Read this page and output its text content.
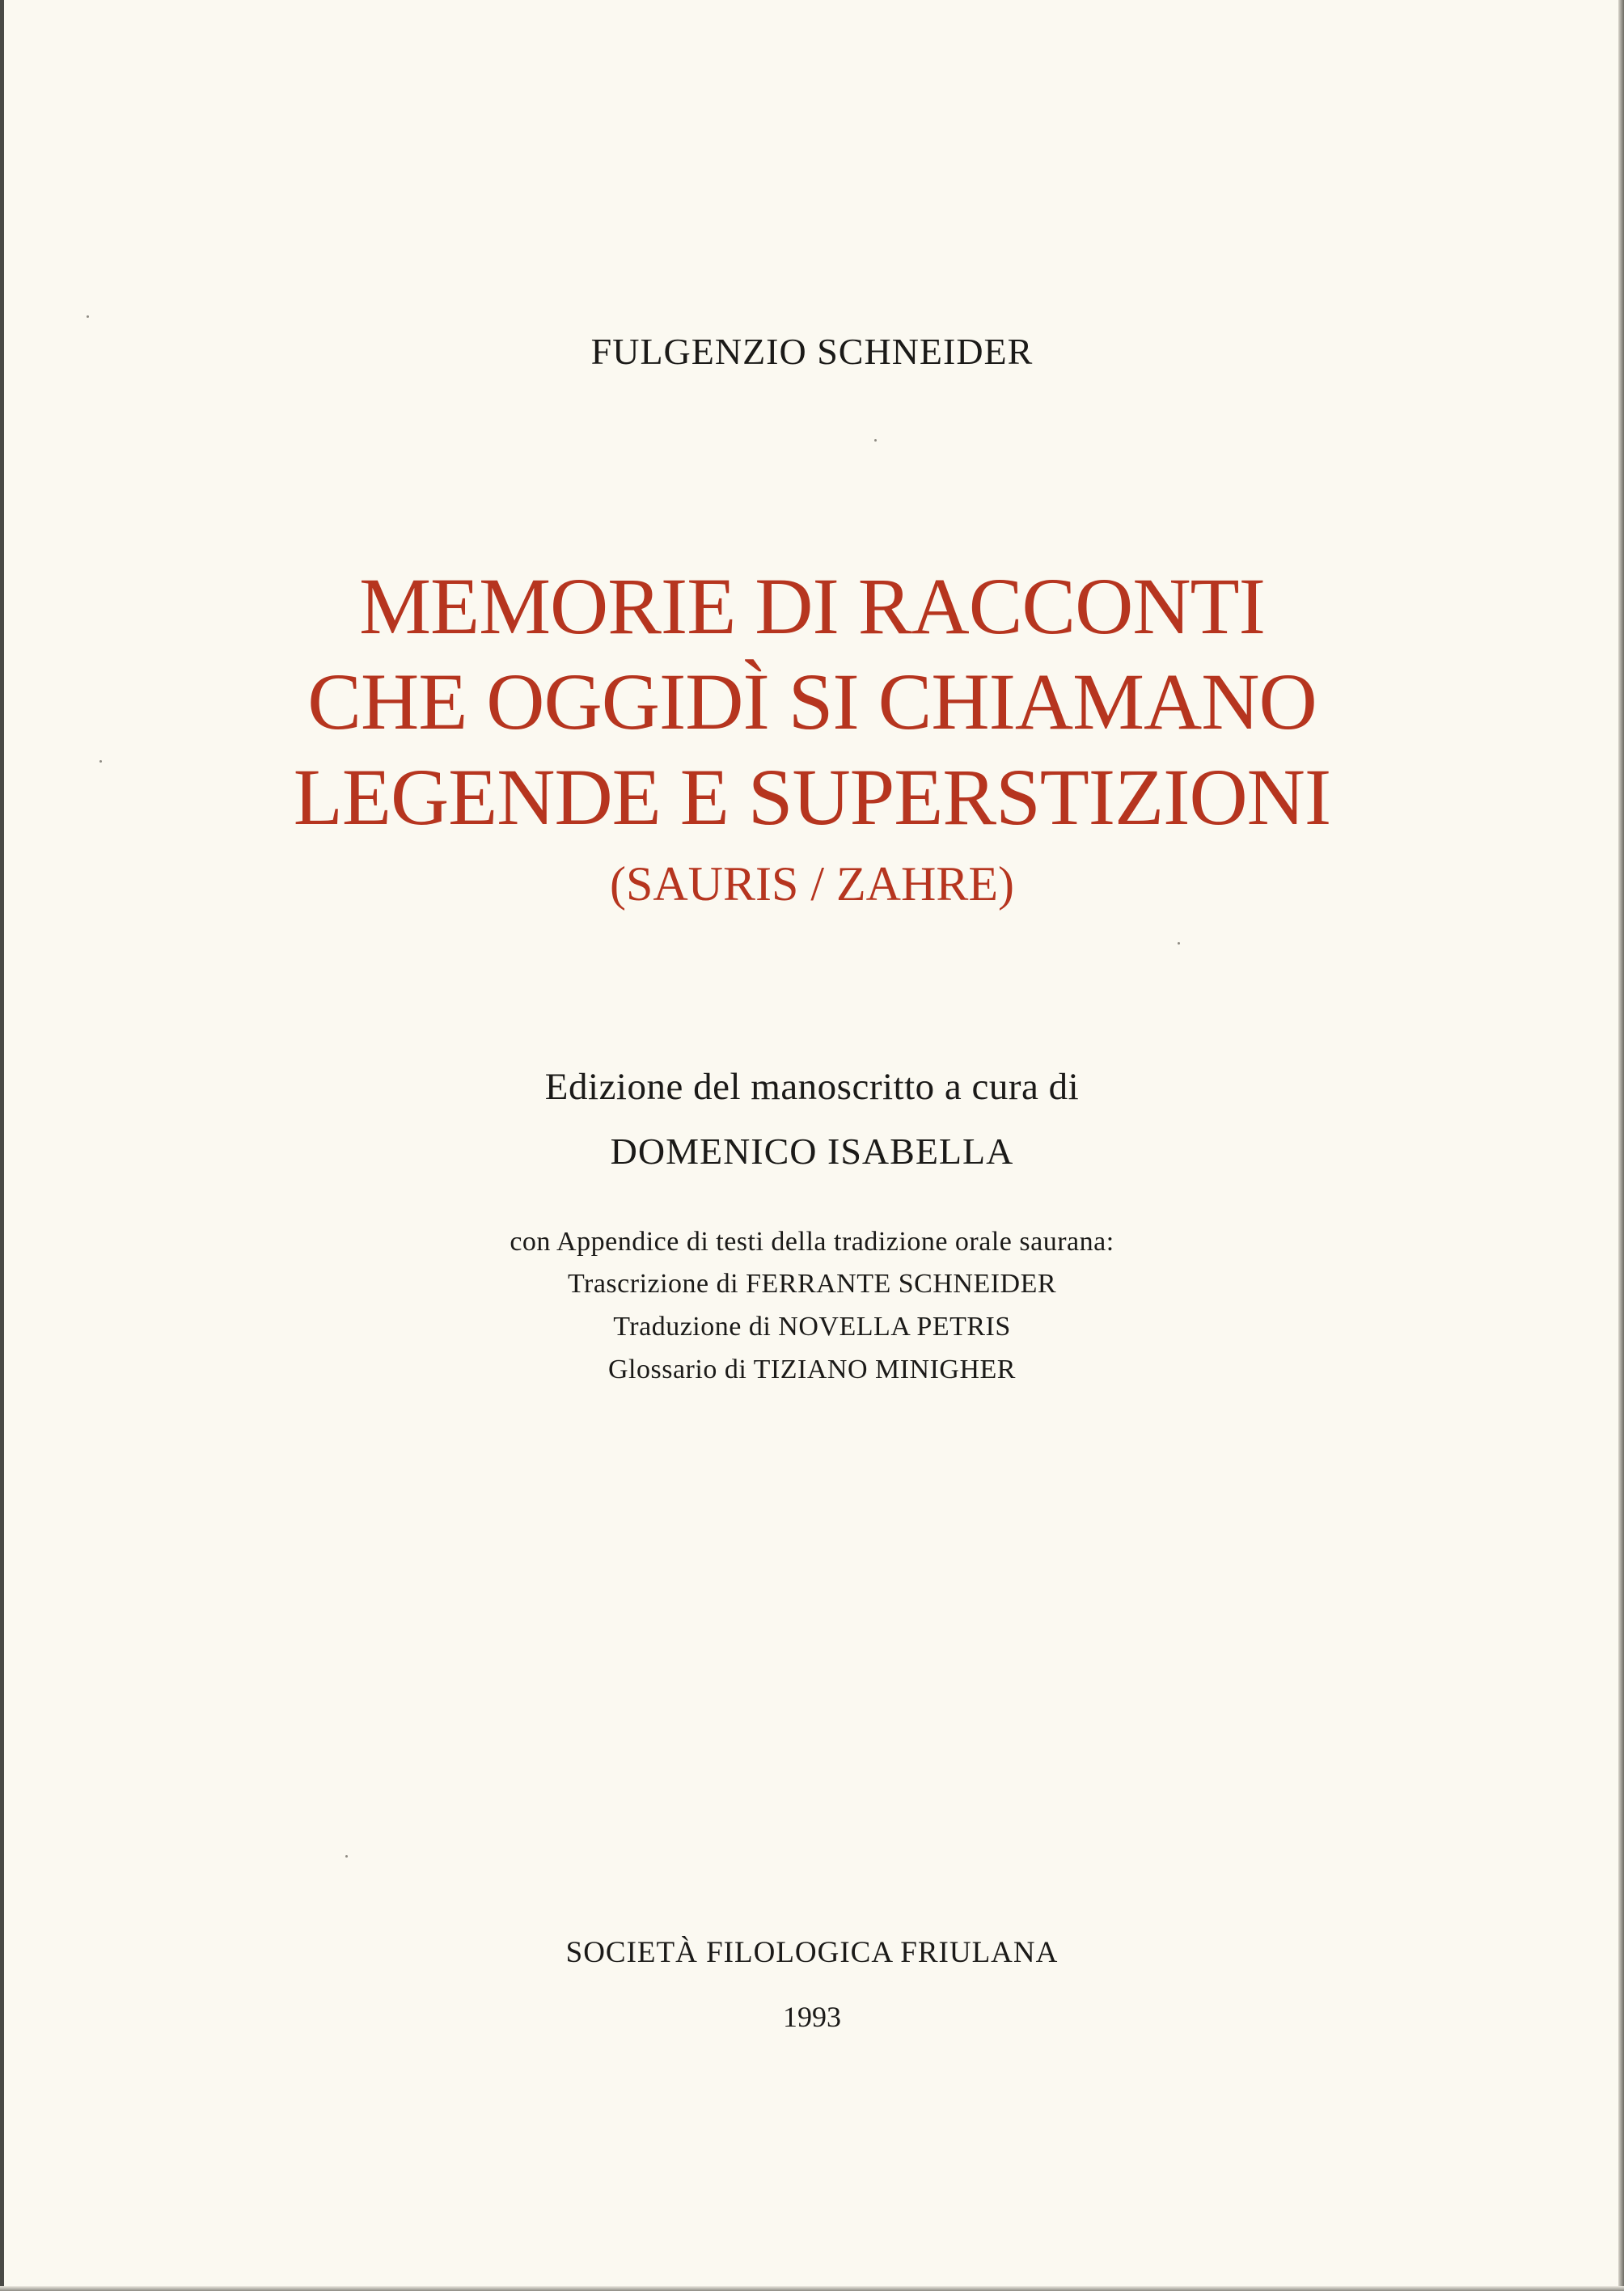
FULGENZIO SCHNEIDER
MEMORIE DI RACCONTI
CHE OGGIDÌ SI CHIAMANO
LEGENDE E SUPERSTIZIONI
(SAURIS / ZAHRE)
Edizione del manoscritto a cura di
DOMENICO ISABELLA
con Appendice di testi della tradizione orale saurana:
Trascrizione di FERRANTE SCHNEIDER
Traduzione di NOVELLA PETRIS
Glossario di TIZIANO MINIGHER
SOCIETÀ FILOLOGICA FRIULANA
1993
